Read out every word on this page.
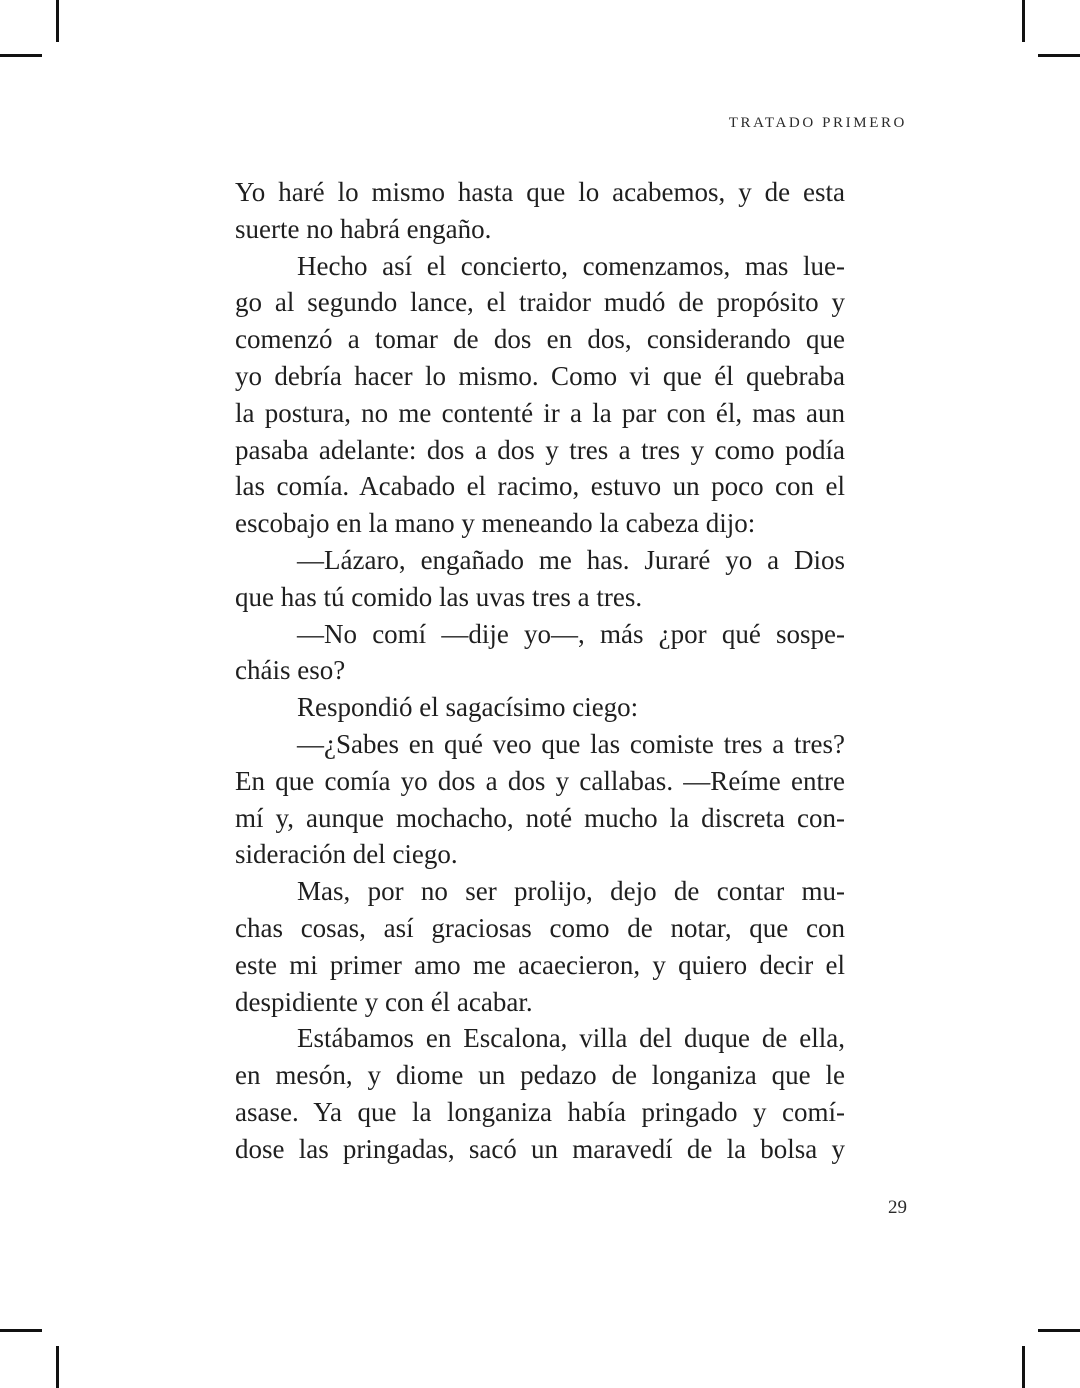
TRATADO PRIMERO
Yo haré lo mismo hasta que lo acabemos, y de esta
suerte no habrá engaño.
Hecho así el concierto, comenzamos, mas lue-
go al segundo lance, el traidor mudó de propósito y
comenzó a tomar de dos en dos, considerando que
yo debría hacer lo mismo. Como vi que él quebraba
la postura, no me contenté ir a la par con él, mas aun
pasaba adelante: dos a dos y tres a tres y como podía
las comía. Acabado el racimo, estuvo un poco con el
escobajo en la mano y meneando la cabeza dijo:
—Lázaro, engañado me has. Juraré yo a Dios
que has tú comido las uvas tres a tres.
—No comí —dije yo—, más ¿por qué sospe-
cháis eso?
Respondió el sagacísimo ciego:
—¿Sabes en qué veo que las comiste tres a tres?
En que comía yo dos a dos y callabas. —Reíme entre
mí y, aunque mochacho, noté mucho la discreta con-
sideración del ciego.
Mas, por no ser prolijo, dejo de contar mu-
chas cosas, así graciosas como de notar, que con
este mi primer amo me acaecieron, y quiero decir el
despidiente y con él acabar.
Estábamos en Escalona, villa del duque de ella,
en mesón, y diome un pedazo de longaniza que le
asase. Ya que la longaniza había pringado y comí-
dose las pringadas, sacó un maravedí de la bolsa y
29
